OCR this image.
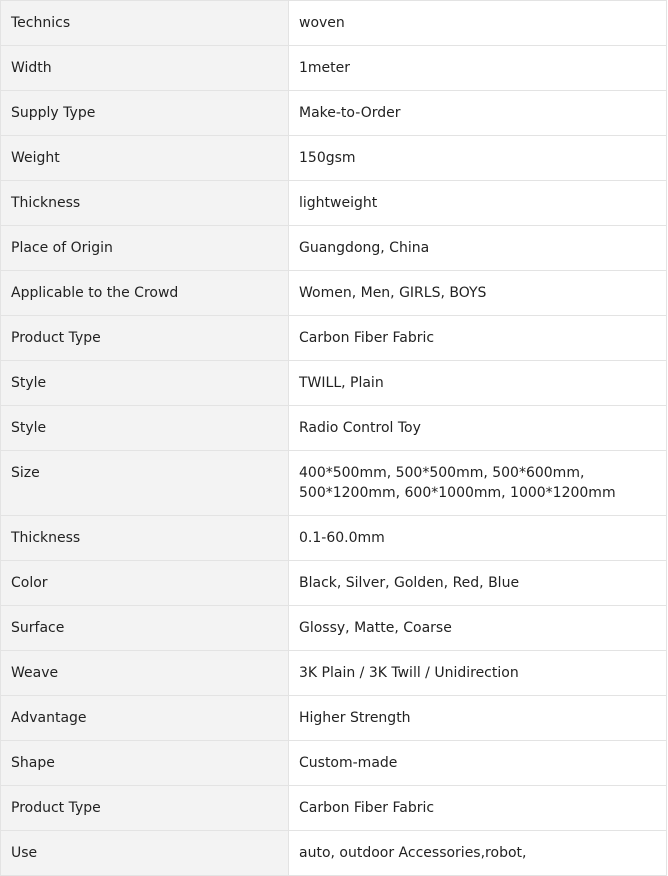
Technics	woven
Width	1meter
Supply Type	Make-to-Order
Weight	150gsm
Thickness	lightweight
Place of Origin	Guangdong, China
Applicable to the Crowd	Women, Men, GIRLS, BOYS
Product Type	Carbon Fiber Fabric
Style	TWILL, Plain
Style	Radio Control Toy
Size	400*500mm, 500*500mm, 500*600mm, 500*1200mm, 600*1000mm, 1000*1200mm
Thickness	0.1-60.0mm
Color	Black, Silver, Golden, Red, Blue
Surface	Glossy, Matte, Coarse
Weave	3K Plain / 3K Twill / Unidirection
Advantage	Higher Strength
Shape	Custom-made
Product Type	Carbon Fiber Fabric
Use	auto, outdoor Accessories,robot,
